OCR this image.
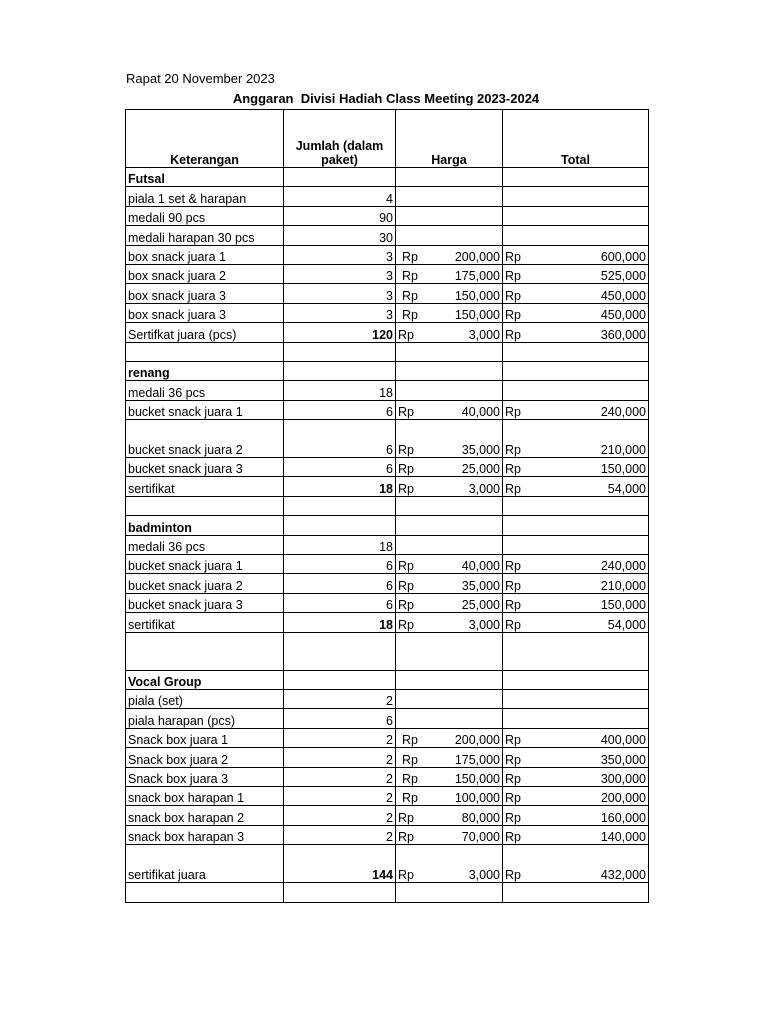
Rapat 20 November 2023
Anggaran  Divisi Hadiah Class Meeting 2023-2024
Keterangan	Jumlah (dalam paket)	Harga	Total
Futsal			
piala 1 set & harapan	4		
medali 90 pcs	90		
medali harapan 30 pcs	30		
box snack juara 1	3	Rp 200,000	Rp 600,000

box snack juara 2	3	Rp 175,000	Rp 525,000

box snack juara 3	3	Rp 150,000	Rp 450,000

box snack juara 3	3	Rp 150,000	Rp 450,000

Sertifkat juara (pcs)	120	Rp 3,000	Rp 360,000

renang			
medali 36 pcs	18		
bucket snack juara 1	6	Rp 40,000	Rp 240,000

bucket snack juara 2	6	Rp 35,000	Rp 210,000

bucket snack juara 3	6	Rp 25,000	Rp 150,000

sertifikat	18	Rp 3,000	Rp 54,000

badminton			
medali 36 pcs	18		
bucket snack juara 1	6	Rp 40,000	Rp 240,000

bucket snack juara 2	6	Rp 35,000	Rp 210,000

bucket snack juara 3	6	Rp 25,000	Rp 150,000

sertifikat	18	Rp 3,000	Rp 54,000

Vocal Group			
piala (set)	2		
piala harapan (pcs)	6		
Snack box juara 1	2	Rp 200,000	Rp 400,000

Snack box juara 2	2	Rp 175,000	Rp 350,000

Snack box juara 3	2	Rp 150,000	Rp 300,000

snack box harapan 1	2	Rp 100,000	Rp 200,000

snack box harapan 2	2	Rp 80,000	Rp 160,000

snack box harapan 3	2	Rp 70,000	Rp 140,000

sertifikat juara	144	Rp 3,000	Rp 432,000
